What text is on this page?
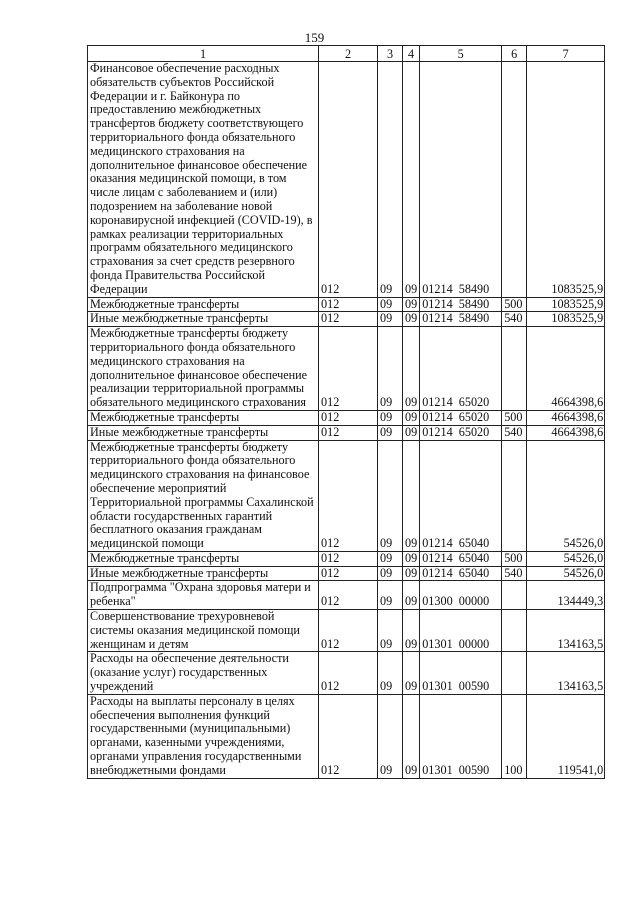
159
1	2	3	4	5	6	7
Финансовое обеспечение расходных обязательств субъектов Российской Федерации и г. Байконура по предоставлению межбюджетных трансфертов бюджету соответствующего территориального фонда обязательного медицинского страхования на дополнительное финансовое обеспечение оказания медицинской помощи, в том числе лицам с заболеванием и (или) подозрением на заболевание новой коронавирусной инфекцией (COVID-19), в рамках реализации территориальных программ обязательного медицинского страхования за счет средств резервного фонда Правительства Российской Федерации	012	09	09	01214  58490		1083525,9
Межбюджетные трансферты	012	09	09	01214  58490	500	1083525,9
Иные межбюджетные трансферты	012	09	09	01214  58490	540	1083525,9
Межбюджетные трансферты бюджету территориального фонда обязательного медицинского страхования на дополнительное финансовое обеспечение реализации территориальной программы обязательного медицинского страхования	012	09	09	01214  65020		4664398,6
Межбюджетные трансферты	012	09	09	01214  65020	500	4664398,6
Иные межбюджетные трансферты	012	09	09	01214  65020	540	4664398,6
Межбюджетные трансферты бюджету территориального фонда обязательного медицинского страхования на финансовое обеспечение мероприятий Территориальной программы Сахалинской области государственных гарантий бесплатного оказания гражданам медицинской помощи	012	09	09	01214  65040		54526,0
Межбюджетные трансферты	012	09	09	01214  65040	500	54526,0
Иные межбюджетные трансферты	012	09	09	01214  65040	540	54526,0
Подпрограмма "Охрана здоровья матери и ребенка"	012	09	09	01300  00000		134449,3
Совершенствование трехуровневой системы оказания медицинской помощи женщинам и детям	012	09	09	01301  00000		134163,5
Расходы на обеспечение деятельности (оказание услуг) государственных учреждений	012	09	09	01301  00590		134163,5
Расходы на выплаты персоналу в целях обеспечения выполнения функций государственными (муниципальными) органами, казенными учреждениями, органами управления государственными внебюджетными фондами	012	09	09	01301  00590	100	119541,0
